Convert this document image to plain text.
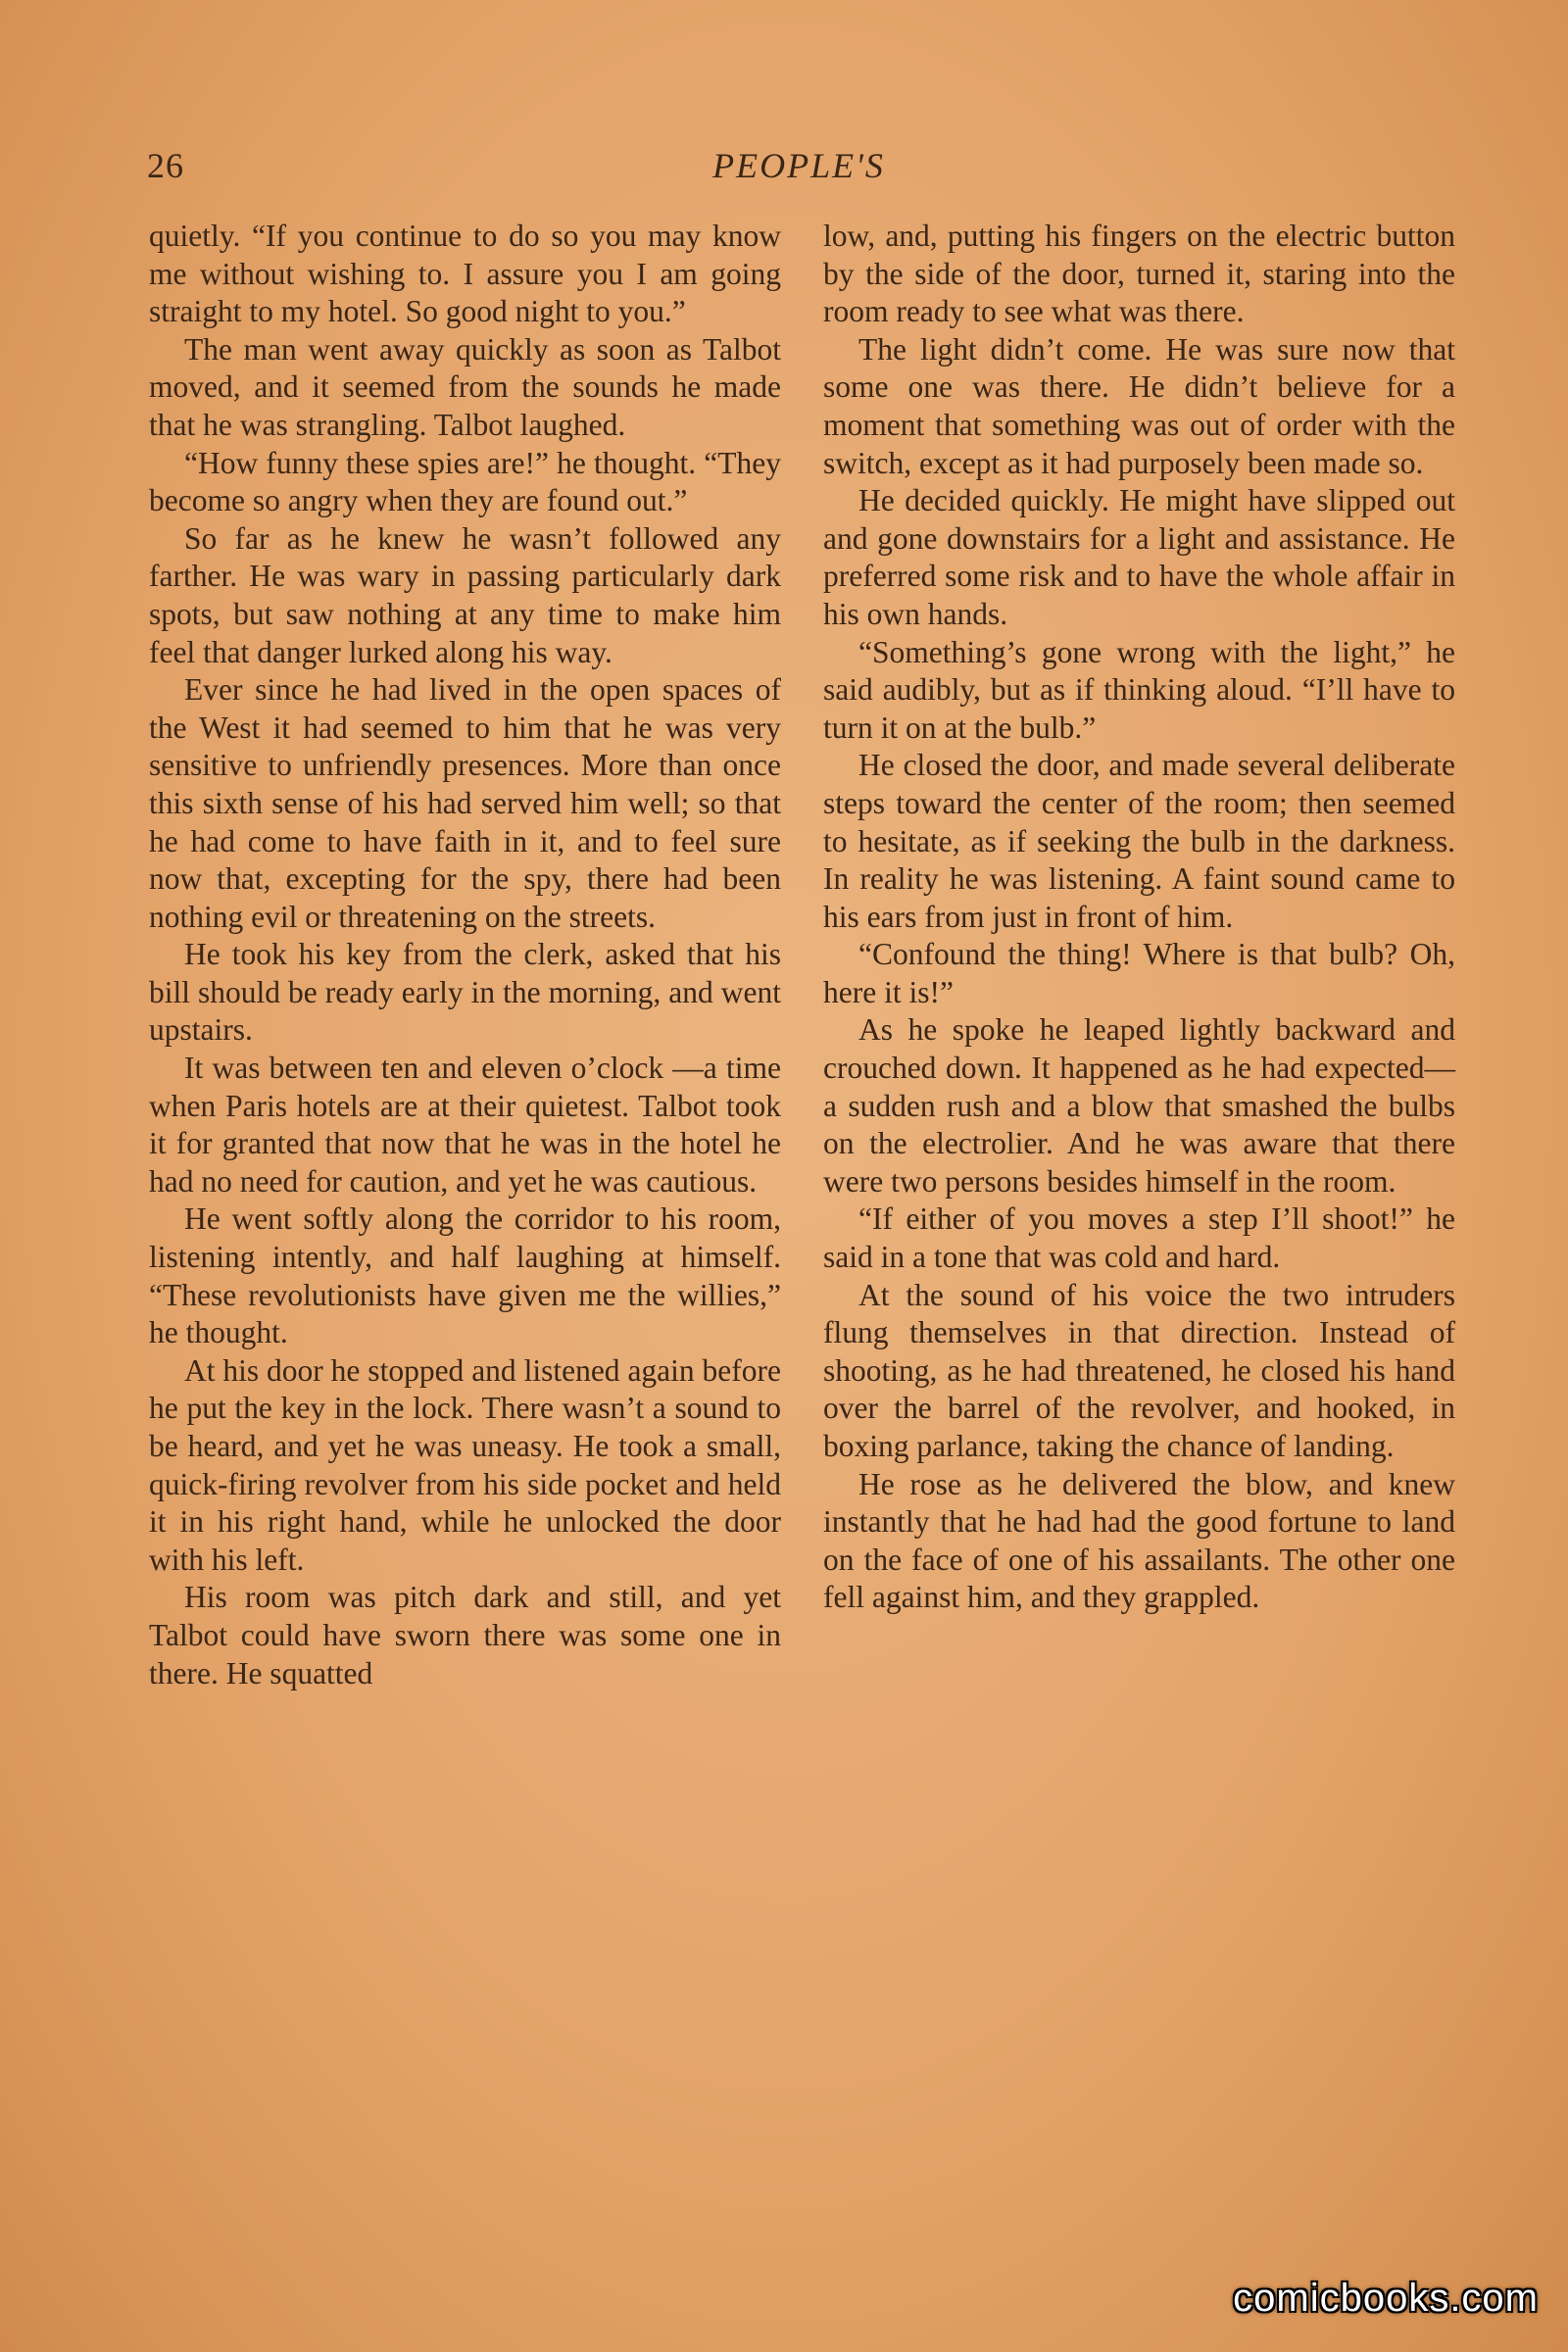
26	PEOPLE'S

quietly. “If you continue to do so you may know me without wishing to. I assure you I am going straight to my hotel. So good night to you.”

The man went away quickly as soon as Talbot moved, and it seemed from the sounds he made that he was strangling. Talbot laughed.

“How funny these spies are!” he thought. “They become so angry when they are found out.”

So far as he knew he wasn’t followed any farther. He was wary in passing particularly dark spots, but saw nothing at any time to make him feel that danger lurked along his way.

Ever since he had lived in the open spaces of the West it had seemed to him that he was very sensitive to unfriendly presences. More than once this sixth sense of his had served him well; so that he had come to have faith in it, and to feel sure now that, excepting for the spy, there had been nothing evil or threatening on the streets.

He took his key from the clerk, asked that his bill should be ready early in the morning, and went upstairs.

It was between ten and eleven o’clock —a time when Paris hotels are at their quietest. Talbot took it for granted that now that he was in the hotel he had no need for caution, and yet he was cautious.

He went softly along the corridor to his room, listening intently, and half laughing at himself. “These revolutionists have given me the willies,” he thought.

At his door he stopped and listened again before he put the key in the lock. There wasn’t a sound to be heard, and yet he was uneasy. He took a small, quick-firing revolver from his side pocket and held it in his right hand, while he unlocked the door with his left.

His room was pitch dark and still, and yet Talbot could have sworn there was some one in there. He squatted

low, and, putting his fingers on the electric button by the side of the door, turned it, staring into the room ready to see what was there.

The light didn’t come. He was sure now that some one was there. He didn’t believe for a moment that something was out of order with the switch, except as it had purposely been made so.

He decided quickly. He might have slipped out and gone downstairs for a light and assistance. He preferred some risk and to have the whole affair in his own hands.

“Something’s gone wrong with the light,” he said audibly, but as if thinking aloud. “I’ll have to turn it on at the bulb.”

He closed the door, and made several deliberate steps toward the center of the room; then seemed to hesitate, as if seeking the bulb in the darkness. In reality he was listening. A faint sound came to his ears from just in front of him.

“Confound the thing! Where is that bulb? Oh, here it is!”

As he spoke he leaped lightly backward and crouched down. It happened as he had expected—a sudden rush and a blow that smashed the bulbs on the electrolier. And he was aware that there were two persons besides himself in the room.

“If either of you moves a step I’ll shoot!” he said in a tone that was cold and hard.

At the sound of his voice the two intruders flung themselves in that direction. Instead of shooting, as he had threatened, he closed his hand over the barrel of the revolver, and hooked, in boxing parlance, taking the chance of landing.

He rose as he delivered the blow, and knew instantly that he had had the good fortune to land on the face of one of his assailants. The other one fell against him, and they grappled.

comicbooks.com
